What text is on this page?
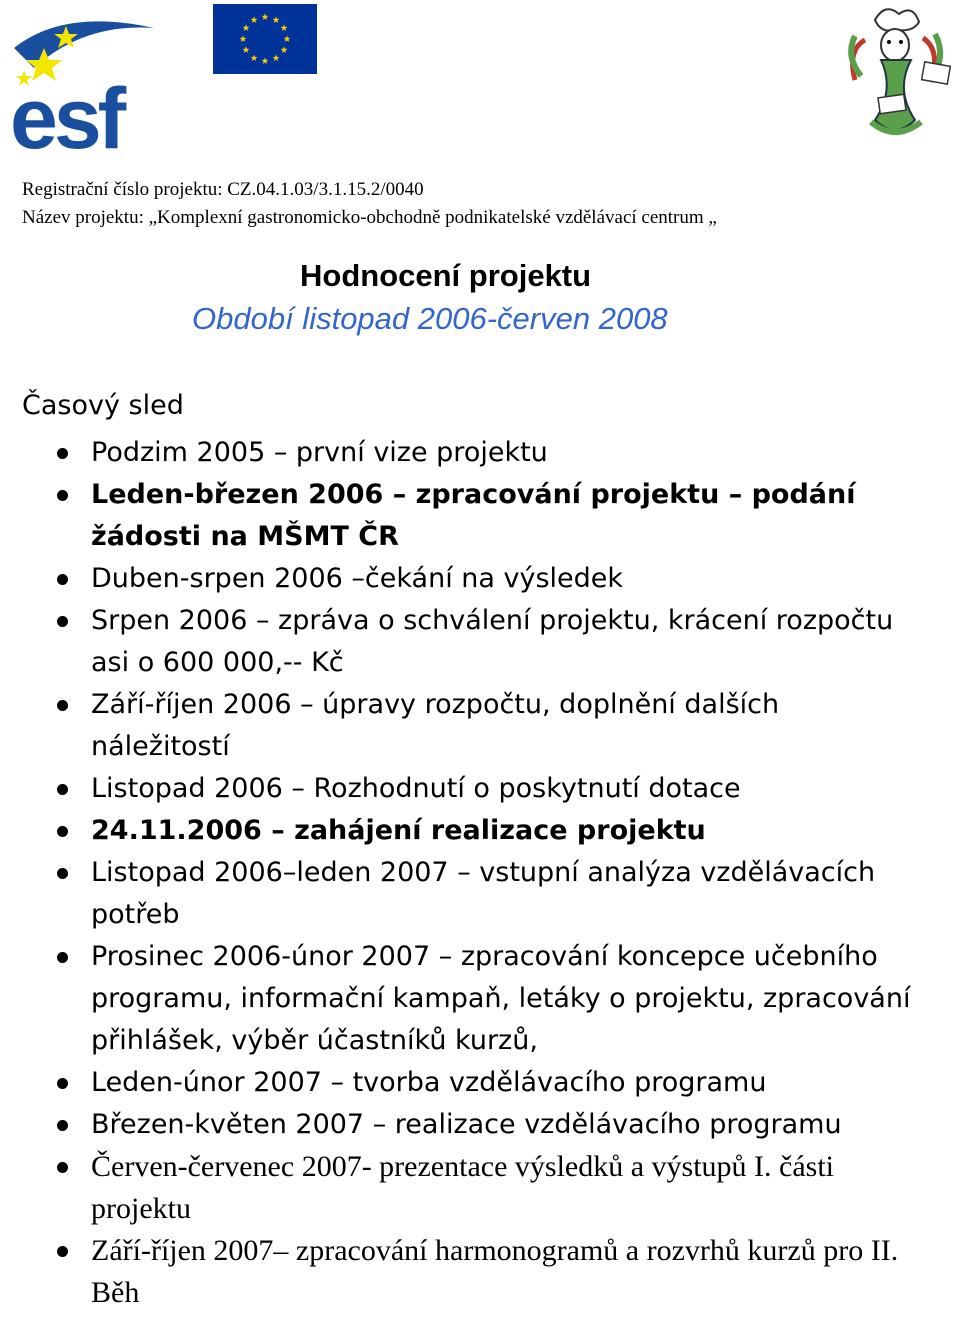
esf
Registrační číslo projektu: CZ.04.1.03/3.1.15.2/0040
Název projektu: „Komplexní gastronomicko-obchodně podnikatelské vzdělávací centrum „
Hodnocení projektu
Období listopad 2006-červen 2008
Časový sled
Podzim 2005 – první vize projektu
Leden-březen 2006 – zpracování projektu – podání žádosti na MŠMT ČR
Duben-srpen 2006 –čekání na výsledek
Srpen 2006 – zpráva o schválení projektu, krácení rozpočtu asi o 600 000,-- Kč
Září-říjen 2006 – úpravy rozpočtu, doplnění dalších náležitostí
Listopad 2006 – Rozhodnutí o poskytnutí dotace
24.11.2006 – zahájení realizace projektu
Listopad 2006–leden 2007 – vstupní analýza vzdělávacích potřeb
Prosinec 2006-únor 2007 – zpracování koncepce učebního programu, informační kampaň, letáky o projektu, zpracování přihlášek, výběr účastníků kurzů,
Leden-únor 2007 – tvorba vzdělávacího programu
Březen-květen 2007 – realizace vzdělávacího programu
Červen-červenec 2007- prezentace výsledků a výstupů I. části projektu
Září-říjen 2007– zpracování harmonogramů a rozvrhů kurzů pro II. Běh
